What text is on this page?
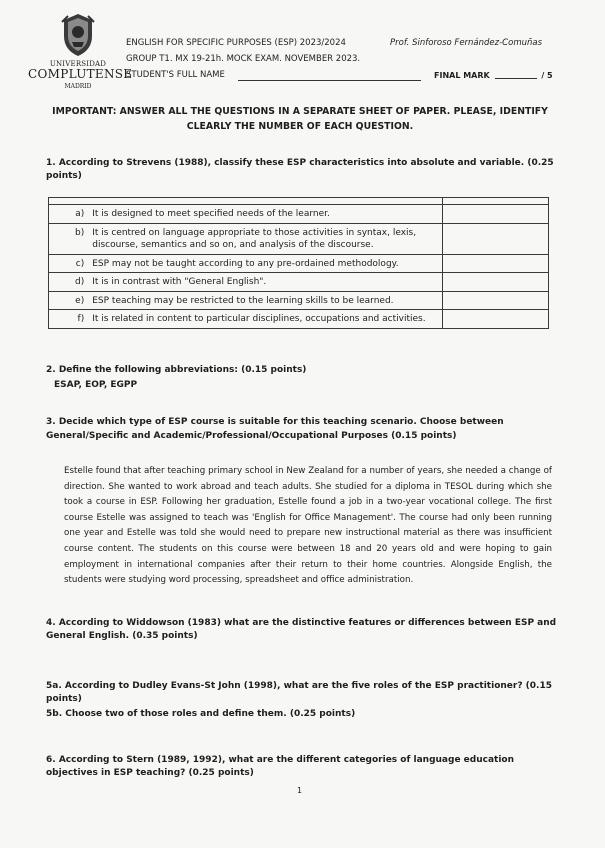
UNIVERSIDAD
COMPLUTENSE
MADRID
ENGLISH FOR SPECIFIC PURPOSES (ESP) 2023/2024	Prof. Sinforoso Fernández-Comuñas
GROUP T1. MX 19-21h. MOCK EXAM. NOVEMBER 2023.
STUDENT'S FULL NAME	FINAL MARK	/ 5
IMPORTANT: ANSWER ALL THE QUESTIONS IN A SEPARATE SHEET OF PAPER. PLEASE, IDENTIFY CLEARLY THE NUMBER OF EACH QUESTION.
1. According to Strevens (1988), classify these ESP characteristics into absolute and variable. (0.25 points)

a)	It is designed to meet specified needs of the learner.	
b)	It is centred on language appropriate to those activities in syntax, lexis, discourse, semantics and so on, and analysis of the discourse.	
c)	ESP may not be taught according to any pre-ordained methodology.	
d)	It is in contrast with "General English".	
e)	ESP teaching may be restricted to the learning skills to be learned.	
f)	It is related in content to particular disciplines, occupations and activities.	
2. Define the following abbreviations: (0.15 points)
ESAP, EOP, EGPP
3. Decide which type of ESP course is suitable for this teaching scenario. Choose between General/Specific and Academic/Professional/Occupational Purposes (0.15 points)
Estelle found that after teaching primary school in New Zealand for a number of years, she needed a change of direction. She wanted to work abroad and teach adults. She studied for a diploma in TESOL during which she took a course in ESP. Following her graduation, Estelle found a job in a two-year vocational college. The first course Estelle was assigned to teach was 'English for Office Management'. The course had only been running one year and Estelle was told she would need to prepare new instructional material as there was insufficient course content. The students on this course were between 18 and 20 years old and were hoping to gain employment in international companies after their return to their home countries. Alongside English, the students were studying word processing, spreadsheet and office administration.
4. According to Widdowson (1983) what are the distinctive features or differences between ESP and General English. (0.35 points)
5a. According to Dudley Evans-St John (1998), what are the five roles of the ESP practitioner? (0.15 points)
5b. Choose two of those roles and define them. (0.25 points)
6. According to Stern (1989, 1992), what are the different categories of language education objectives in ESP teaching? (0.25 points)
1
